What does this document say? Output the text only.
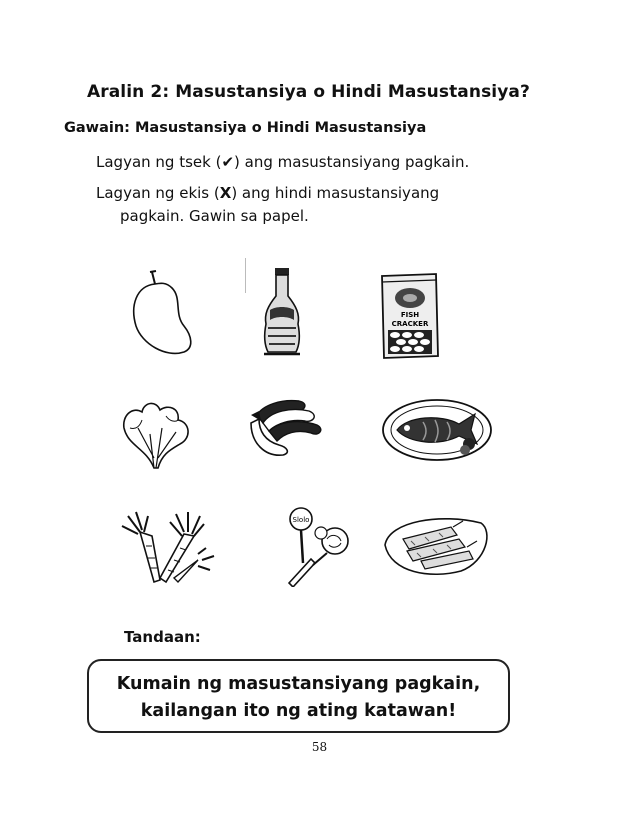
Aralin 2: Masustansiya o Hindi Masustansiya?
Gawain: Masustansiya o Hindi Masustansiya
Lagyan ng tsek (✔) ang masustansiyang pagkain.
Lagyan ng ekis (X) ang hindi masustansiyang
pagkain. Gawin sa papel.
FISH
CRACKER
Slolo
Tandaan:
Kumain ng masustansiyang pagkain,
kailangan ito ng ating katawan!
58
